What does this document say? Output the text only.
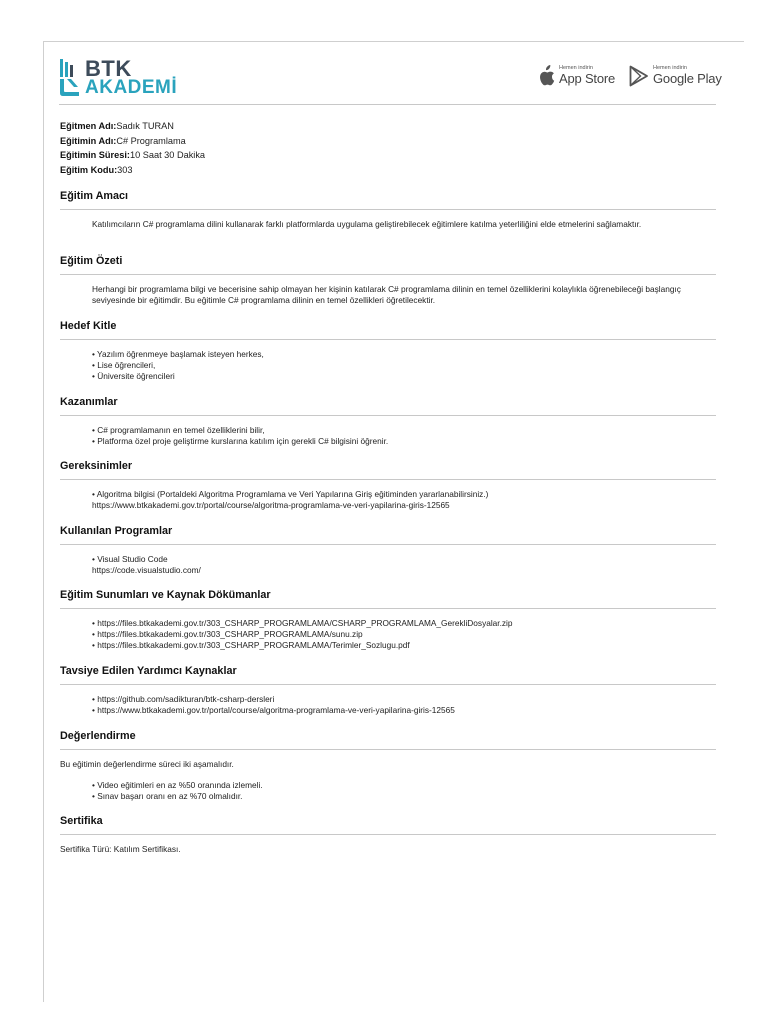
BTK
AKADEMİ
Hemen indirin
App Store
Hemen indirin
Google Play
Eğitmen Adı:Sadık TURAN
Eğitimin Adı:C# Programlama
Eğitimin Süresi:10 Saat 30 Dakika
Eğitim Kodu:303
Eğitim Amacı
Katılımcıların C# programlama dilini kullanarak farklı platformlarda uygulama geliştirebilecek eğitimlere katılma yeterliliğini elde etmelerini sağlamaktır.
Eğitim Özeti
Herhangi bir programlama bilgi ve becerisine sahip olmayan her kişinin katılarak C# programlama dilinin en temel özelliklerini kolaylıkla öğrenebileceği başlangıç seviyesinde bir eğitimdir. Bu eğitimle C# programlama dilinin en temel özellikleri öğretilecektir.
Hedef Kitle
• Yazılım öğrenmeye başlamak isteyen herkes,
• Lise öğrencileri,
• Üniversite öğrencileri
Kazanımlar
• C# programlamanın en temel özelliklerini bilir,
• Platforma özel proje geliştirme kurslarına katılım için gerekli C# bilgisini öğrenir.
Gereksinimler
• Algoritma bilgisi (Portaldeki Algoritma Programlama ve Veri Yapılarına Giriş eğitiminden yararlanabilirsiniz.)
https://www.btkakademi.gov.tr/portal/course/algoritma-programlama-ve-veri-yapilarina-giris-12565
Kullanılan Programlar
• Visual Studio Code
https://code.visualstudio.com/
Eğitim Sunumları ve Kaynak Dökümanlar
• https://files.btkakademi.gov.tr/303_CSHARP_PROGRAMLAMA/CSHARP_PROGRAMLAMA_GerekliDosyalar.zip
• https://files.btkakademi.gov.tr/303_CSHARP_PROGRAMLAMA/sunu.zip
• https://files.btkakademi.gov.tr/303_CSHARP_PROGRAMLAMA/Terimler_Sozlugu.pdf
Tavsiye Edilen Yardımcı Kaynaklar
• https://github.com/sadikturan/btk-csharp-dersleri
• https://www.btkakademi.gov.tr/portal/course/algoritma-programlama-ve-veri-yapilarina-giris-12565
Değerlendirme
Bu eğitimin değerlendirme süreci iki aşamalıdır.
• Video eğitimleri en az %50 oranında izlemeli.
• Sınav başarı oranı en az %70 olmalıdır.
Sertifika
Sertifika Türü: Katılım Sertifikası.
